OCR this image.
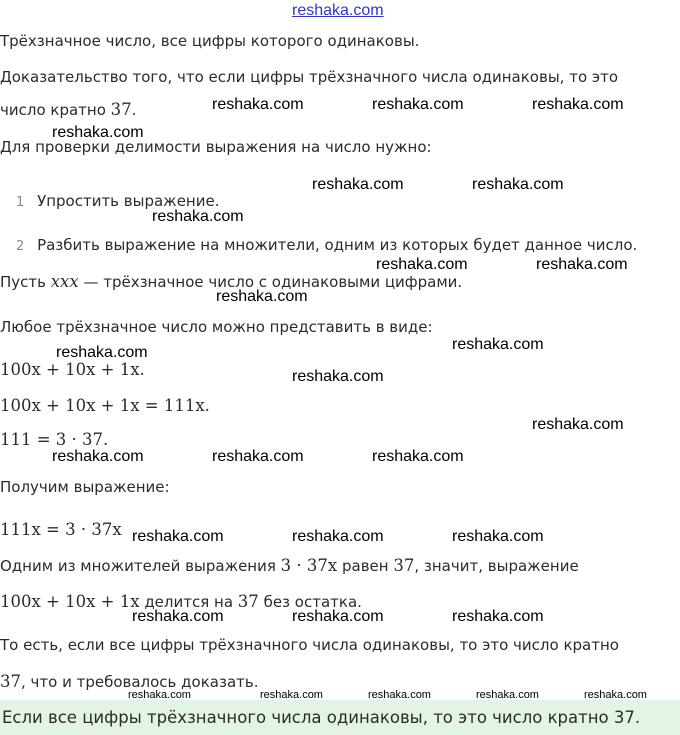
reshaka.com
Трёхзначное число, все цифры которого одинаковы.
Доказательство того, что если цифры трёхзначного числа одинаковы, то это
число кратно 37.
Для проверки делимости выражения на число нужно:
1 Упростить выражение.
2 Разбить выражение на множители, одним из которых будет данное число.
Пусть xxx — трёхзначное число с одинаковыми цифрами.
Любое трёхзначное число можно представить в виде:
100x + 10x + 1x.
100x + 10x + 1x = 111x.
111 = 3 · 37.
Получим выражение:
111x = 3 · 37x
Одним из множителей выражения 3 · 37x равен 37, значит, выражение
100x + 10x + 1x делится на 37 без остатка.
То есть, если все цифры трёхзначного числа одинаковы, то это число кратно
37, что и требовалось доказать.
Если все цифры трёхзначного числа одинаковы, то это число кратно 37.
reshaka.com	reshaka.com	reshaka.com
reshaka.com
reshaka.com	reshaka.com
reshaka.com
reshaka.com	reshaka.com
reshaka.com
reshaka.com
reshaka.com
reshaka.com
reshaka.com
reshaka.com	reshaka.com	reshaka.com
reshaka.com	reshaka.com	reshaka.com
reshaka.com	reshaka.com	reshaka.com
reshaka.com	reshaka.com	reshaka.com	reshaka.com	reshaka.com
